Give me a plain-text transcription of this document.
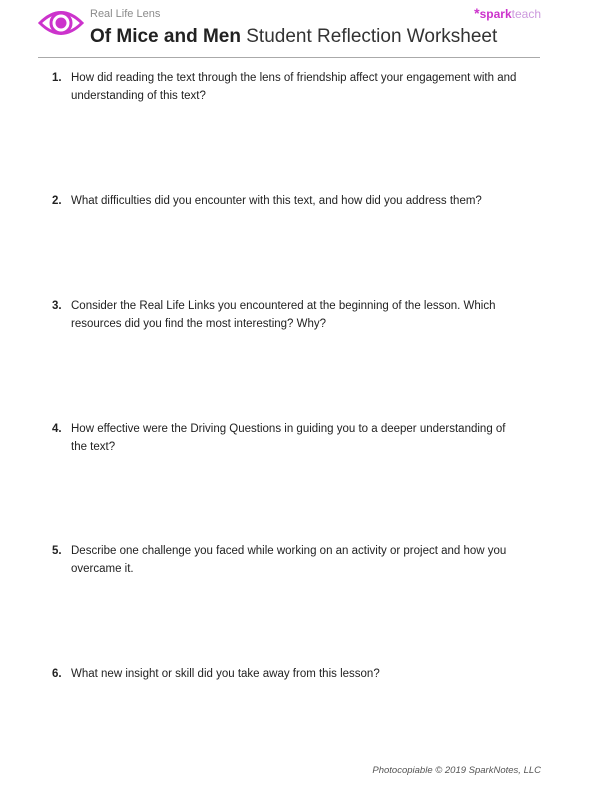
Real Life Lens
Of Mice and Men Student Reflection Worksheet
*sparkteach
1. How did reading the text through the lens of friendship affect your engagement with and understanding of this text?
2. What difficulties did you encounter with this text, and how did you address them?
3. Consider the Real Life Links you encountered at the beginning of the lesson. Which resources did you find the most interesting? Why?
4. How effective were the Driving Questions in guiding you to a deeper understanding of the text?
5. Describe one challenge you faced while working on an activity or project and how you overcame it.
6. What new insight or skill did you take away from this lesson?
Photocopiable © 2019 SparkNotes, LLC
